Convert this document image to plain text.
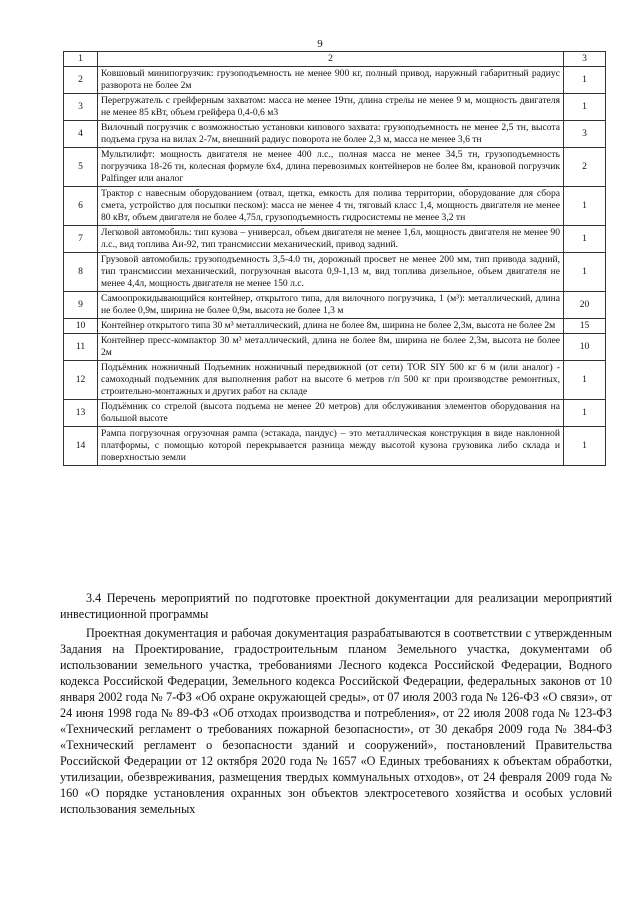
9
1	2	3
2	Ковшовый минипогрузчик: грузоподъемность не менее 900 кг, полный привод, наружный габаритный радиус разворота не более 2м	1
3	Перегружатель с грейферным захватом: масса не менее 19тн, длина стрелы не менее 9 м, мощность двигателя не менее 85 кВт, объем грейфера 0,4-0,6 м3	1
4	Вилочный погрузчик с возможностью установки кипового захвата: грузоподъемность не менее 2,5 тн, высота подъема груза на вилах 2-7м, внешний радиус поворота не более 2,3 м, масса не менее 3,6 тн	3
5	Мультилифт: мощность двигателя не менее 400 л.с., полная масса не менее 34,5 тн, грузоподъемность погрузчика 18-26 тн, колесная формуле 6х4, длина перевозимых контейнеров не более 8м, крановой погрузчик Palfinger или аналог	2
6	Трактор с навесным оборудованием (отвал, щетка, емкость для полива территории, оборудование для сбора смета, устройство для посыпки песком): масса не менее 4 тн, тяговый класс 1,4, мощность двигателя не менее 80 кВт, объем двигателя не более 4,75л, грузоподъемность гидросистемы не менее 3,2 тн	1
7	Легковой автомобиль: тип кузова – универсал, объем двигателя не менее 1,6л, мощность двигателя не менее 90 л.с., вид топлива Аи-92, тип трансмиссии механический, привод задний.	1
8	Грузовой автомобиль: грузоподъемность 3,5-4.0 тн, дорожный просвет не менее 200 мм, тип привода задний, тип трансмиссии механический, погрузочная высота 0,9-1,13 м, вид топлива дизельное, объем двигателя не менее 4,4л, мощность двигателя не менее 150 л.с.	1
9	Самоопрокидывающийся контейнер, открытого типа, для вилочного погрузчика, 1 (м³): металлический, длина не более 0,9м, ширина не более 0,9м, высота не более 1,3 м	20
10	Контейнер открытого типа 30 м³ металлический, длина не более 8м, ширина не более 2,3м, высота не более 2м	15
11	Контейнер пресс-компактор 30 м³ металлический, длина не более 8м, ширина не более 2,3м, высота не более 2м	10
12	Подъёмник ножничный Подъемник ножничный передвижной (от сети) TOR SIY 500 кг 6 м (или аналог) - самоходный подъемник для выполнения работ на высоте 6 метров г/п 500 кг при производстве ремонтных, строительно-монтажных и других работ на складе	1
13	Подъёмник со стрелой (высота подъема не менее 20 метров) для обслуживания элементов оборудования на большой высоте	1
14	Рампа погрузочная огрузочная рампа (эстакада, пандус) – это металлическая конструкция в виде наклонной платформы, с помощью которой перекрывается разница между высотой кузона грузовика либо склада и поверхностью земли	1
3.4 Перечень мероприятий по подготовке проектной документации для реализации мероприятий инвестиционной программы
Проектная документация и рабочая документация разрабатываются в соответствии с утвержденным Задания на Проектирование, градостроительным планом Земельного участка, документами об использовании земельного участка, требованиями Лесного кодекса Российской Федерации, Водного кодекса Российской Федерации, Земельного кодекса Российской Федерации, федеральных законов от 10 января 2002 года № 7-ФЗ «Об охране окружающей среды», от 07 июля 2003 года № 126-ФЗ «О связи», от 24 июня 1998 года № 89-ФЗ «Об отходах производства и потребления», от 22 июля 2008 года № 123-ФЗ «Технический регламент о требованиях пожарной безопасности», от 30 декабря 2009 года № 384-ФЗ «Технический регламент о безопасности зданий и сооружений», постановлений Правительства Российской Федерации от 12 октября 2020 года № 1657 «О Единых требованиях к объектам обработки, утилизации, обезвреживания, размещения твердых коммунальных отходов», от 24 февраля 2009 года № 160 «О порядке установления охранных зон объектов электросетевого хозяйства и особых условий использования земельных
